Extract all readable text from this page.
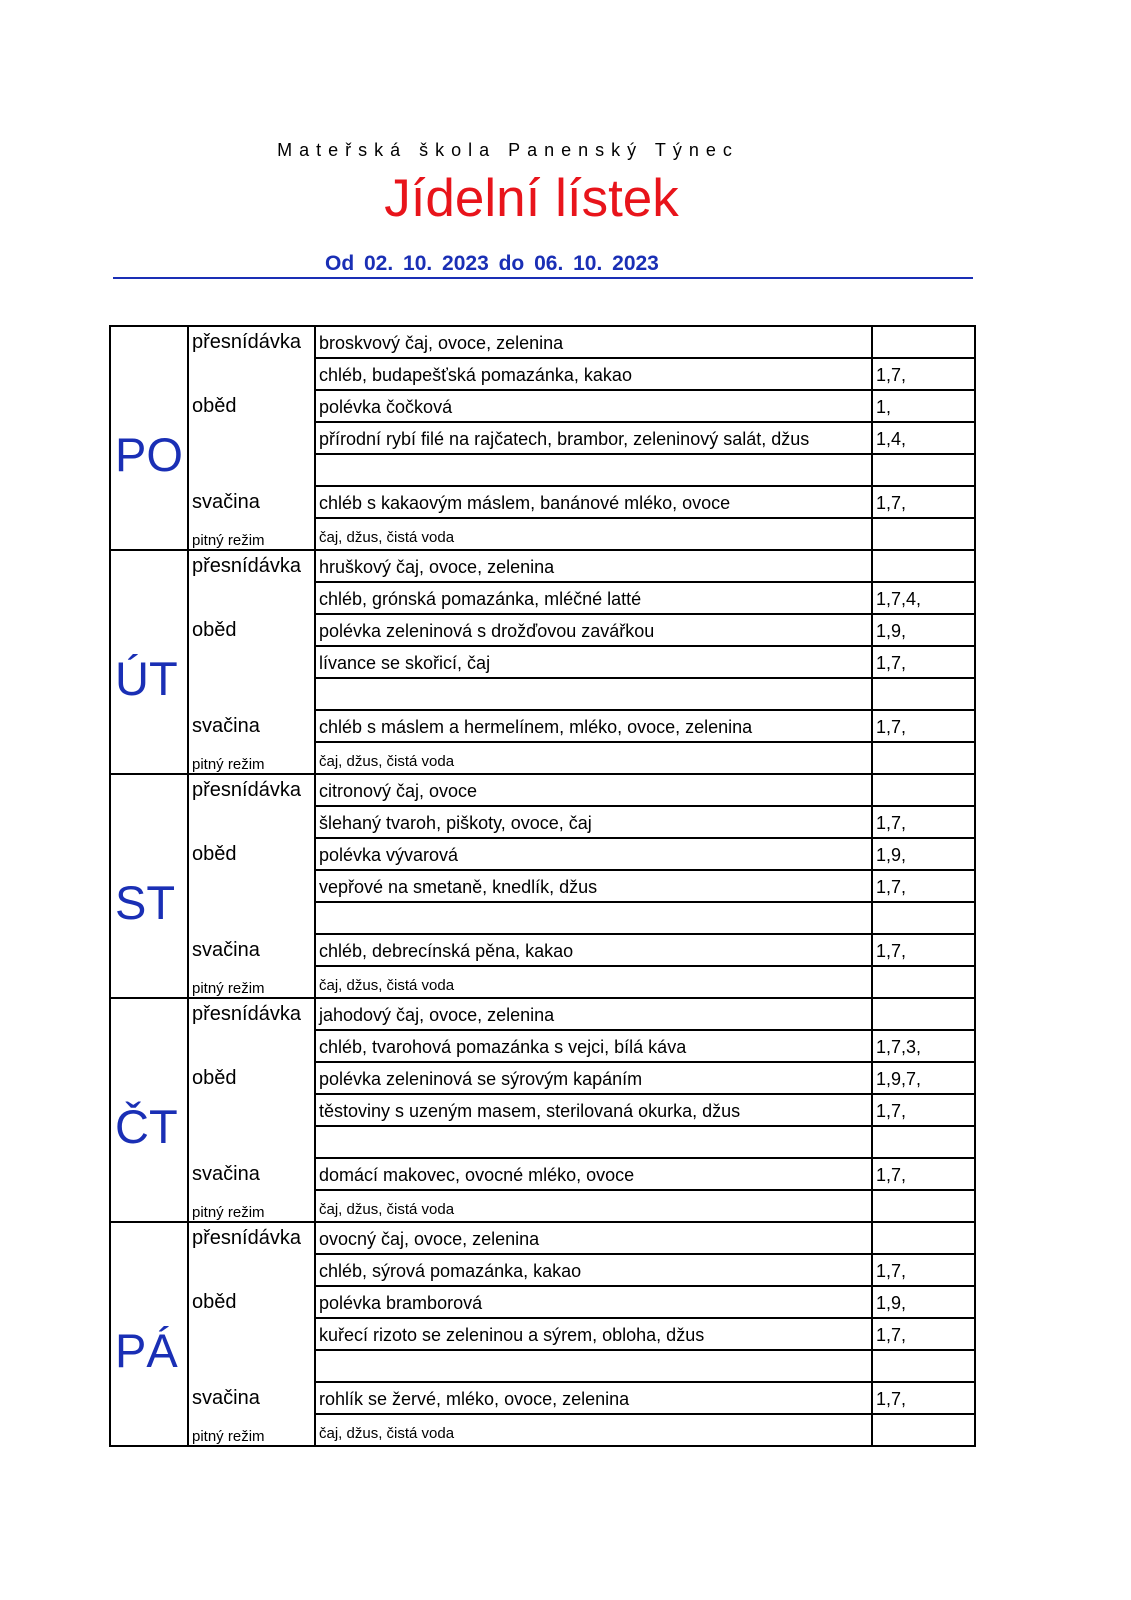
Mateřská škola Panenský Týnec
Jídelní lístek
Od 02. 10. 2023 do 06. 10. 2023
PO	přesnídávka	broskvový čaj, ovoce, zelenina	
		chléb, budapešťská pomazánka, kakao	1,7,
	oběd	polévka čočková	1,
		přírodní rybí filé na rajčatech, brambor, zeleninový salát, džus	1,4,

	svačina	chléb s kakaovým máslem, banánové mléko, ovoce	1,7,
	pitný režim	čaj, džus, čistá voda	
ÚT	přesnídávka	hruškový čaj, ovoce, zelenina	
		chléb, grónská pomazánka, mléčné latté	1,7,4,
	oběd	polévka zeleninová s drožďovou zavářkou	1,9,
		lívance se skořicí, čaj	1,7,

	svačina	chléb s máslem a hermelínem, mléko, ovoce, zelenina	1,7,
	pitný režim	čaj, džus, čistá voda	
ST	přesnídávka	citronový čaj, ovoce	
		šlehaný tvaroh, piškoty, ovoce, čaj	1,7,
	oběd	polévka vývarová	1,9,
		vepřové na smetaně, knedlík, džus	1,7,

	svačina	chléb, debrecínská pěna, kakao	1,7,
	pitný režim	čaj, džus, čistá voda	
ČT	přesnídávka	jahodový čaj, ovoce, zelenina	
		chléb, tvarohová pomazánka s vejci, bílá káva	1,7,3,
	oběd	polévka zeleninová se sýrovým kapáním	1,9,7,
		těstoviny s uzeným masem, sterilovaná okurka, džus	1,7,

	svačina	domácí makovec, ovocné mléko, ovoce	1,7,
	pitný režim	čaj, džus, čistá voda	
PÁ	přesnídávka	ovocný čaj, ovoce, zelenina	
		chléb, sýrová pomazánka, kakao	1,7,
	oběd	polévka bramborová	1,9,
		kuřecí rizoto se zeleninou a sýrem, obloha, džus	1,7,

	svačina	rohlík se žervé, mléko, ovoce, zelenina	1,7,
	pitný režim	čaj, džus, čistá voda	
